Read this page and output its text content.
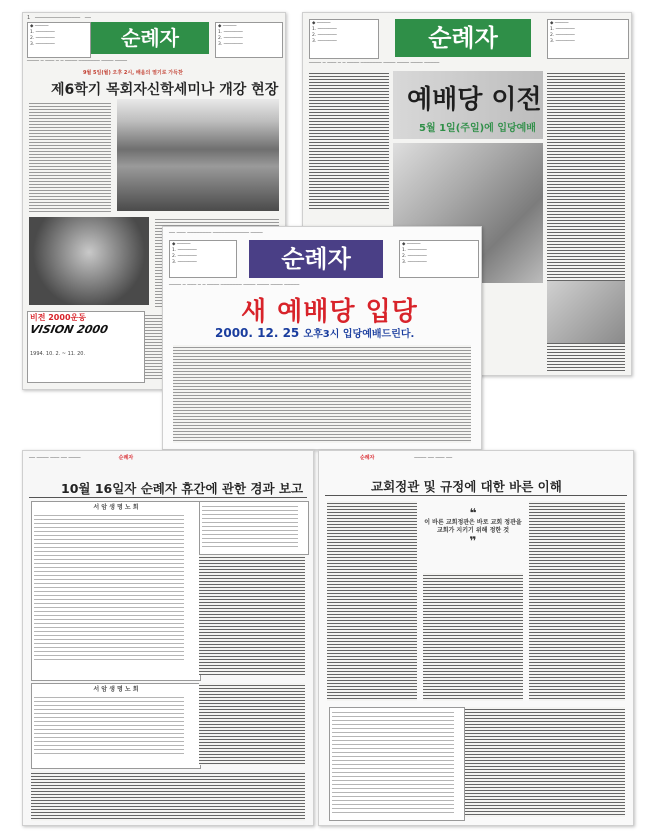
1   ───────────────   ──
◆ ─────
1. ───────
2. ───────
3. ───────	순례자	◆ ─────
1. ───────
2. ───────
3. ───────
──── ─ ─── ─ ─ ──── ─────── ──── ────
9월 5일(월) 오후 2시, 배움의 열기로 가득찬
제6학기 목회자신학세미나 개강 현장
비전 2000운동
VISION 2000
1994. 10. 2. ~ 11. 20.
◆ ─────
1. ───────
2. ───────
3. ───────	순례자
◆ ─────
1. ───────
2. ───────
3. ───────
──── ─ ─── ─ ─ ──── ─────── ──── ──── ──── ─────
예배당 이전
5월 1일(주일)에 입당예배
── ─── ──────── ──────────── ────
◆ ─────
1. ───────
2. ───────
3. ───────	순례자
◆ ─────
1. ───────
2. ───────
3. ───────
──── ─ ─── ─ ─ ──── ─────── ──── ──── ──── ─────
새 예배당 입당
2000. 12. 25 오후3시 입당예배드린다.
── ──── ─── ── ────                        순례자
10월 16일자 순례자 휴간에 관한 경과 보고
서 암 생 명 노 회
서 암 생 명 노 회
순례자                         ──── ── ─── ──
교회정관 및 규정에 대한 바른 이해
❝
이 바른 교회정관은 바로 교회 정관을 교회가 지키기 위해 정한 것
❞
